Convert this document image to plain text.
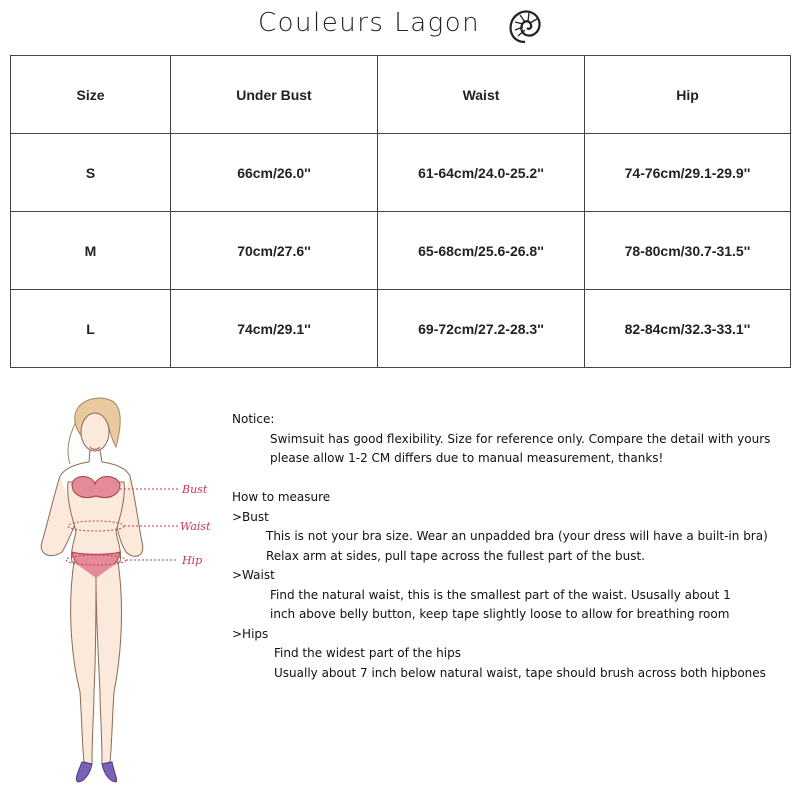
Couleurs Lagon
Size	Under Bust	Waist	Hip
S	66cm/26.0''	61-64cm/24.0-25.2''	74-76cm/29.1-29.9''
M	70cm/27.6''	65-68cm/25.6-26.8''	78-80cm/30.7-31.5''
L	74cm/29.1''	69-72cm/27.2-28.3''	82-84cm/32.3-33.1''
Bust
Waist
Hip
Notice:
Swimsuit has good flexibility. Size for reference only. Compare the detail with yours
please allow 1-2 CM differs due to manual measurement, thanks!
How to measure
>Bust
This is not your bra size. Wear an unpadded bra (your dress will have a built-in bra)
Relax arm at sides, pull tape across the fullest part of the bust.
>Waist
Find the natural waist, this is the smallest part of the waist. Ususally about 1
inch above belly button, keep tape slightly loose to allow for breathing room
>Hips
Find the widest part of the hips
Usually about 7 inch below natural waist, tape should brush across both hipbones
